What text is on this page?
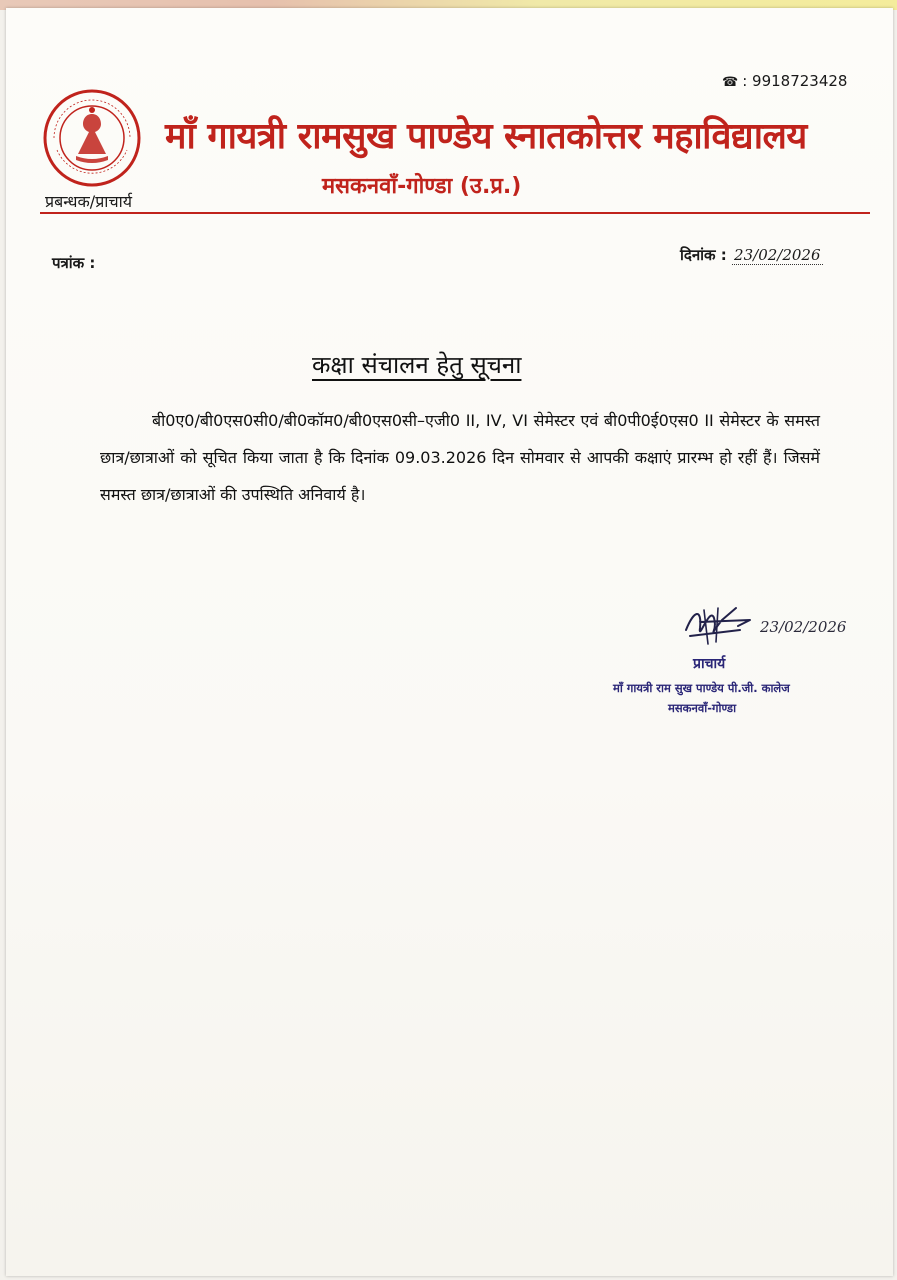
☎ : 9918723428
माँ गायत्री रामसुख पाण्डेय स्नातकोत्तर महाविद्यालय
मसकनवाँ-गोण्डा (उ.प्र.)
प्रबन्धक/प्राचार्य
पत्रांक :	दिनांक : 23/02/2026
कक्षा संचालन हेतु सूचना
बी0ए0/बी0एस0सी0/बी0कॉम0/बी0एस0सी–एजी0 II, IV, VI सेमेस्टर एवं बी0पी0ई0एस0 II सेमेस्टर के समस्त छात्र/छात्राओं को सूचित किया जाता है कि दिनांक 09.03.2026 दिन सोमवार से आपकी कक्षाएं प्रारम्भ हो रहीं हैं। जिसमें समस्त छात्र/छात्राओं की उपस्थिति अनिवार्य है।
23/02/2026
प्राचार्य
माँ गायत्री राम सुख पाण्डेय पी.जी. कालेज
मसकनवाँ-गोण्डा
